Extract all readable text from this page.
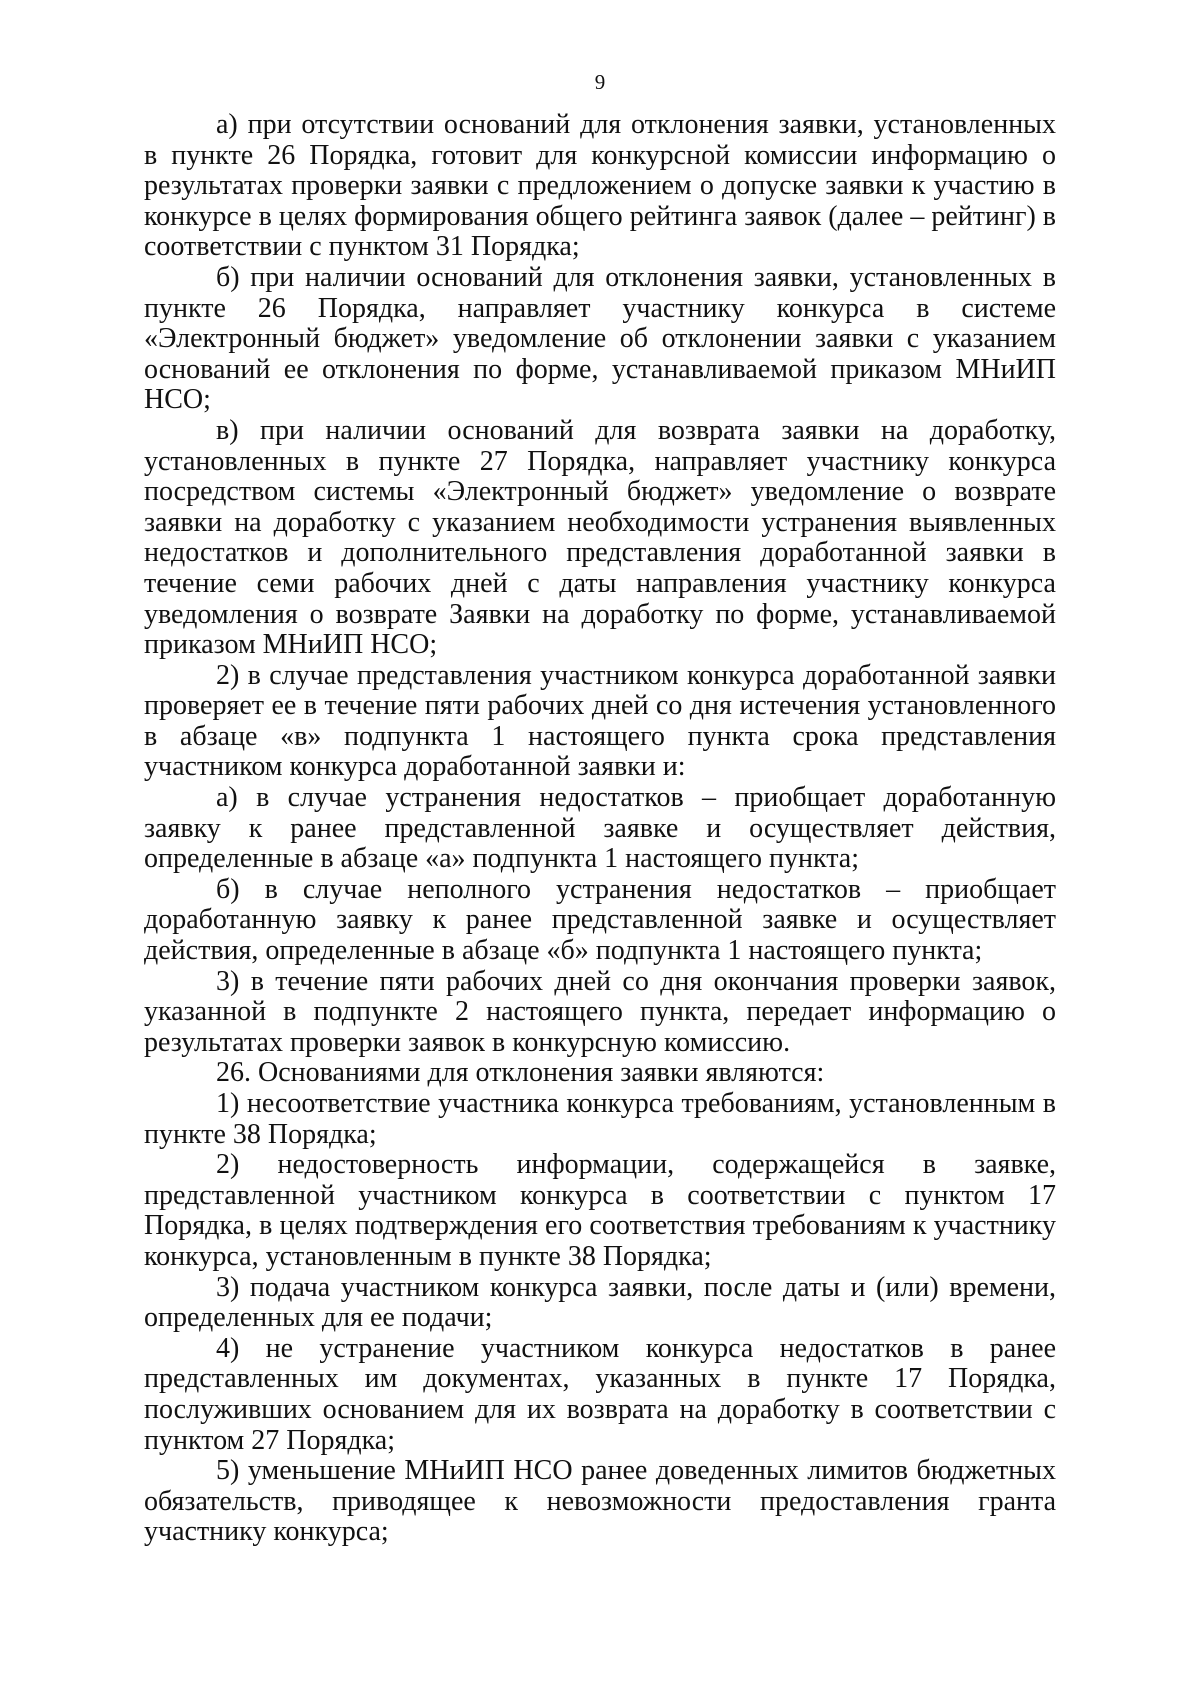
9

а) при отсутствии оснований для отклонения заявки, установленных в пункте 26 Порядка, готовит для конкурсной комиссии информацию о результатах проверки заявки с предложением о допуске заявки к участию в конкурсе в целях формирования общего рейтинга заявок (далее – рейтинг) в соответствии с пунктом 31 Порядка;

б) при наличии оснований для отклонения заявки, установленных в пункте 26 Порядка, направляет участнику конкурса в системе «Электронный бюджет» уведомление об отклонении заявки с указанием оснований ее отклонения по форме, устанавливаемой приказом МНиИП НСО;

в) при наличии оснований для возврата заявки на доработку, установленных в пункте 27 Порядка, направляет участнику конкурса посредством системы «Электронный бюджет» уведомление о возврате заявки на доработку с указанием необходимости устранения выявленных недостатков и дополнительного представления доработанной заявки в течение семи рабочих дней с даты направления участнику конкурса уведомления о возврате Заявки на доработку по форме, устанавливаемой приказом МНиИП НСО;

2) в случае представления участником конкурса доработанной заявки проверяет ее в течение пяти рабочих дней со дня истечения установленного в абзаце «в» подпункта 1 настоящего пункта срока представления участником конкурса доработанной заявки и:

а) в случае устранения недостатков – приобщает доработанную заявку к ранее представленной заявке и осуществляет действия, определенные в абзаце «а» подпункта 1 настоящего пункта;

б) в случае неполного устранения недостатков – приобщает доработанную заявку к ранее представленной заявке и осуществляет действия, определенные в абзаце «б» подпункта 1 настоящего пункта;

3) в течение пяти рабочих дней со дня окончания проверки заявок, указанной в подпункте 2 настоящего пункта, передает информацию о результатах проверки заявок в конкурсную комиссию.

26. Основаниями для отклонения заявки являются:

1) несоответствие участника конкурса требованиям, установленным в пункте 38 Порядка;

2) недостоверность информации, содержащейся в заявке, представленной участником конкурса в соответствии с пунктом 17 Порядка, в целях подтверждения его соответствия требованиям к участнику конкурса, установленным в пункте 38 Порядка;

3) подача участником конкурса заявки, после даты и (или) времени, определенных для ее подачи;

4) не устранение участником конкурса недостатков в ранее представленных им документах, указанных в пункте 17 Порядка, послуживших основанием для их возврата на доработку в соответствии с пунктом 27 Порядка;

5) уменьшение МНиИП НСО ранее доведенных лимитов бюджетных обязательств, приводящее к невозможности предоставления гранта участнику конкурса;
